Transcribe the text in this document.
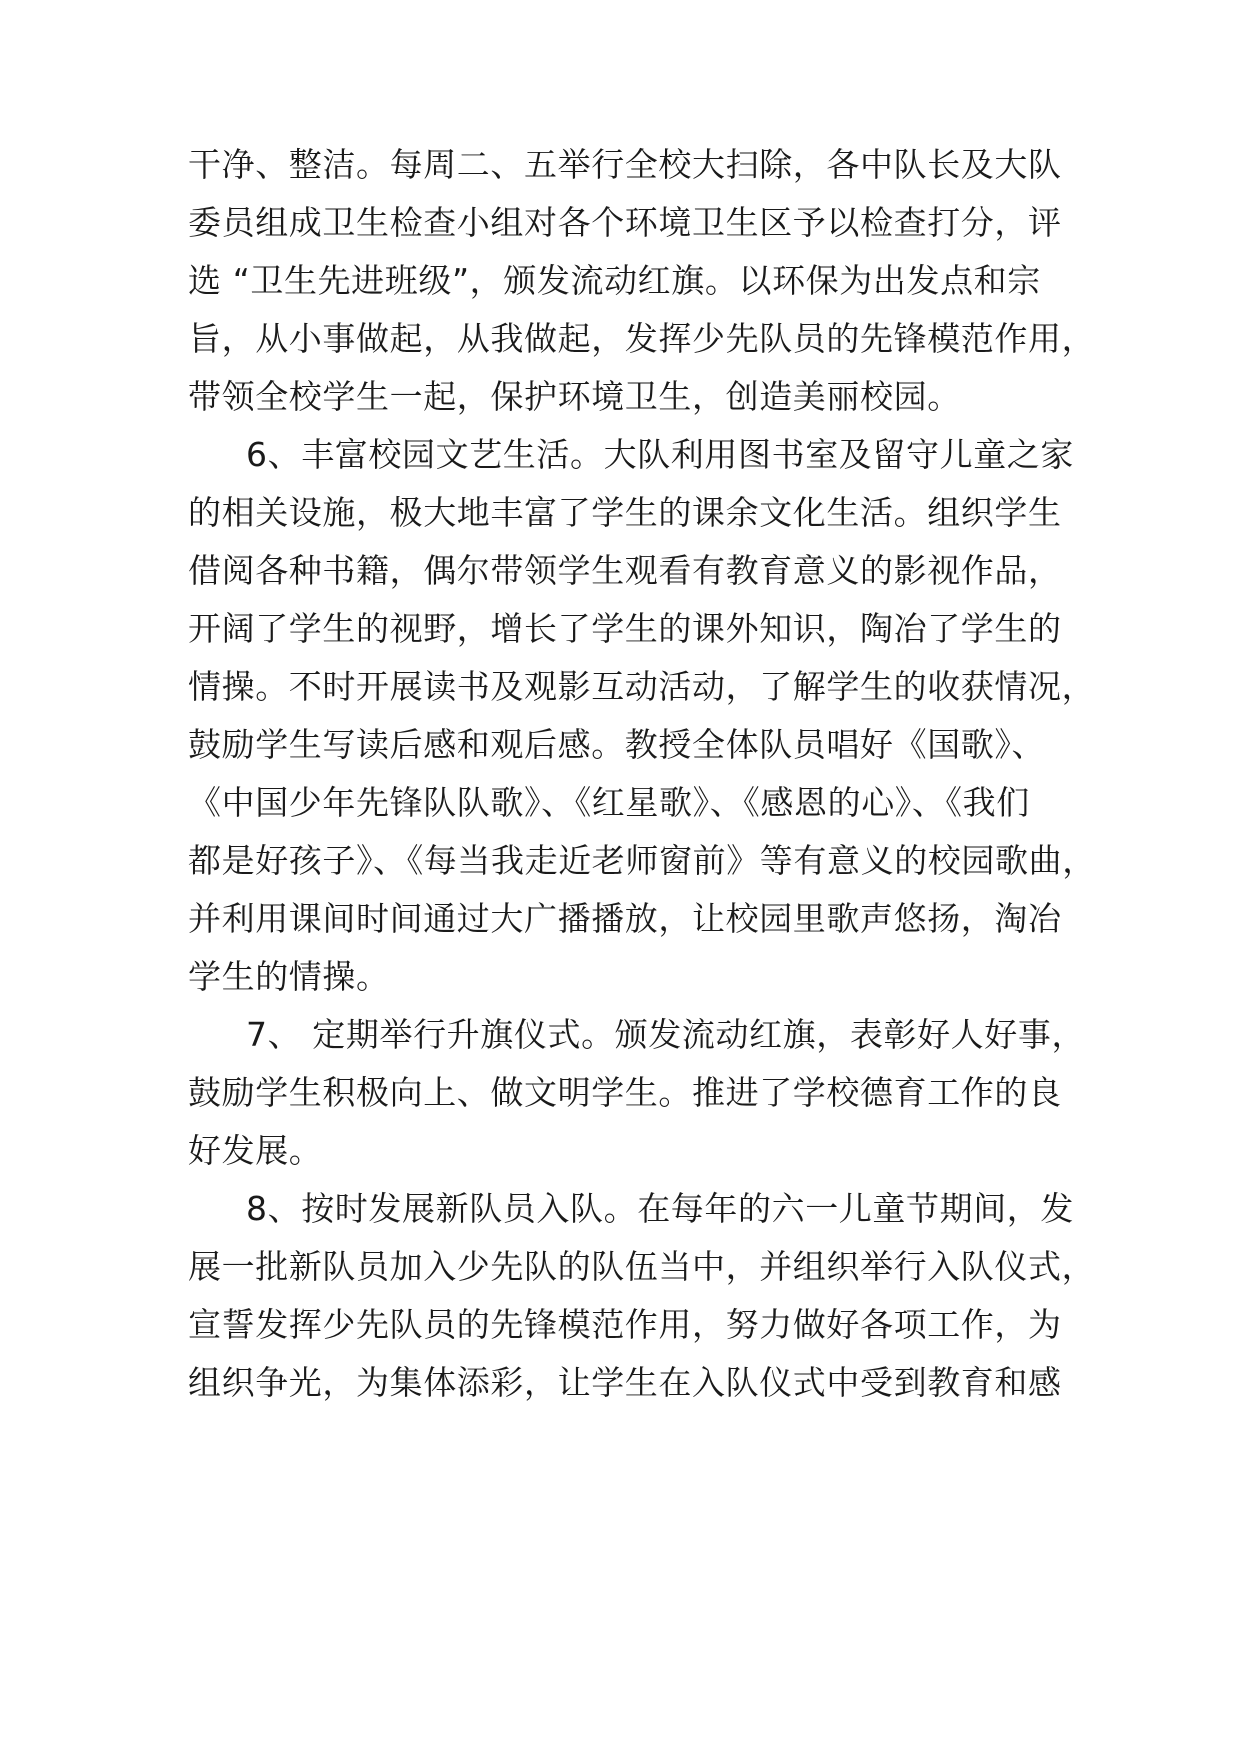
干净、整洁。每周二、五举行全校大扫除，各中队长及大队

委员组成卫生检查小组对各个环境卫生区予以检查打分，评

选 “卫生先进班级”，颁发流动红旗。以环保为出发点和宗

旨，从小事做起，从我做起，发挥少先队员的先锋模范作用，

带领全校学生一起，保护环境卫生，创造美丽校园。

6、丰富校园文艺生活。大队利用图书室及留守儿童之家

的相关设施，极大地丰富了学生的课余文化生活。组织学生

借阅各种书籍，偶尔带领学生观看有教育意义的影视作品，

开阔了学生的视野，增长了学生的课外知识，陶冶了学生的

情操。不时开展读书及观影互动活动，了解学生的收获情况，

鼓励学生写读后感和观后感。教授全体队员唱好《国歌》、

《中国少年先锋队队歌》、《红星歌》、《感恩的心》、《我们

都是好孩子》、《每当我走近老师窗前》等有意义的校园歌曲，

并利用课间时间通过大广播播放，让校园里歌声悠扬，淘冶

学生的情操。

7、 定期举行升旗仪式。颁发流动红旗，表彰好人好事，

鼓励学生积极向上、做文明学生。推进了学校德育工作的良

好发展。

8、按时发展新队员入队。在每年的六一儿童节期间，发

展一批新队员加入少先队的队伍当中，并组织举行入队仪式，

宣誓发挥少先队员的先锋模范作用，努力做好各项工作，为

组织争光，为集体添彩，让学生在入队仪式中受到教育和感
